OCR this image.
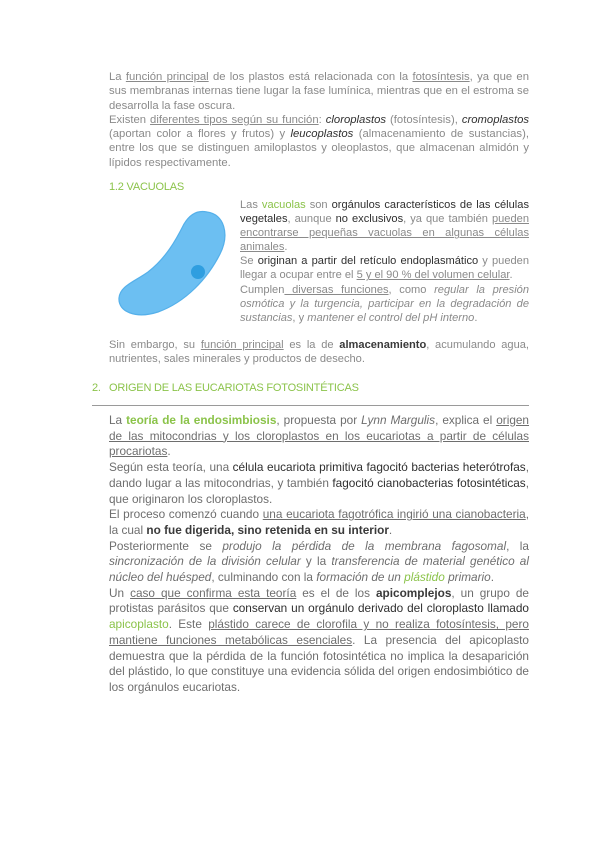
La función principal de los plastos está relacionada con la fotosíntesis, ya que en sus membranas internas tiene lugar la fase lumínica, mientras que en el estroma se desarrolla la fase oscura.

Existen diferentes tipos según su función: cloroplastos (fotosíntesis), cromoplastos (aportan color a flores y frutos) y leucoplastos (almacenamiento de sustancias), entre los que se distinguen amiloplastos y oleoplastos, que almacenan almidón y lípidos respectivamente.

1.2 VACUOLAS

Las vacuolas son orgánulos característicos de las células vegetales, aunque no exclusivos, ya que también pueden encontrarse pequeñas vacuolas en algunas células animales.

Se originan a partir del retículo endoplasmático y pueden llegar a ocupar entre el 5 y el 90 % del volumen celular.

Cumplen diversas funciones, como regular la presión osmótica y la turgencia, participar en la degradación de sustancias, y mantener el control del pH interno.

Sin embargo, su función principal es la de almacenamiento, acumulando agua, nutrientes, sales minerales y productos de desecho.

2. ORIGEN DE LAS EUCARIOTAS FOTOSINTÉTICAS

La teoría de la endosimbiosis, propuesta por Lynn Margulis, explica el origen de las mitocondrias y los cloroplastos en los eucariotas a partir de células procariotas.

Según esta teoría, una célula eucariota primitiva fagocitó bacterias heterótrofas, dando lugar a las mitocondrias, y también fagocitó cianobacterias fotosintéticas, que originaron los cloroplastos.

El proceso comenzó cuando una eucariota fagotrófica ingirió una cianobacteria, la cual no fue digerida, sino retenida en su interior.

Posteriormente se produjo la pérdida de la membrana fagosomal, la sincronización de la división celular y la transferencia de material genético al núcleo del huésped, culminando con la formación de un plástido primario.

Un caso que confirma esta teoría es el de los apicomplejos, un grupo de protistas parásitos que conservan un orgánulo derivado del cloroplasto llamado apicoplasto. Este plástido carece de clorofila y no realiza fotosíntesis, pero mantiene funciones metabólicas esenciales. La presencia del apicoplasto demuestra que la pérdida de la función fotosintética no implica la desaparición del plástido, lo que constituye una evidencia sólida del origen endosimbiótico de los orgánulos eucariotas.
